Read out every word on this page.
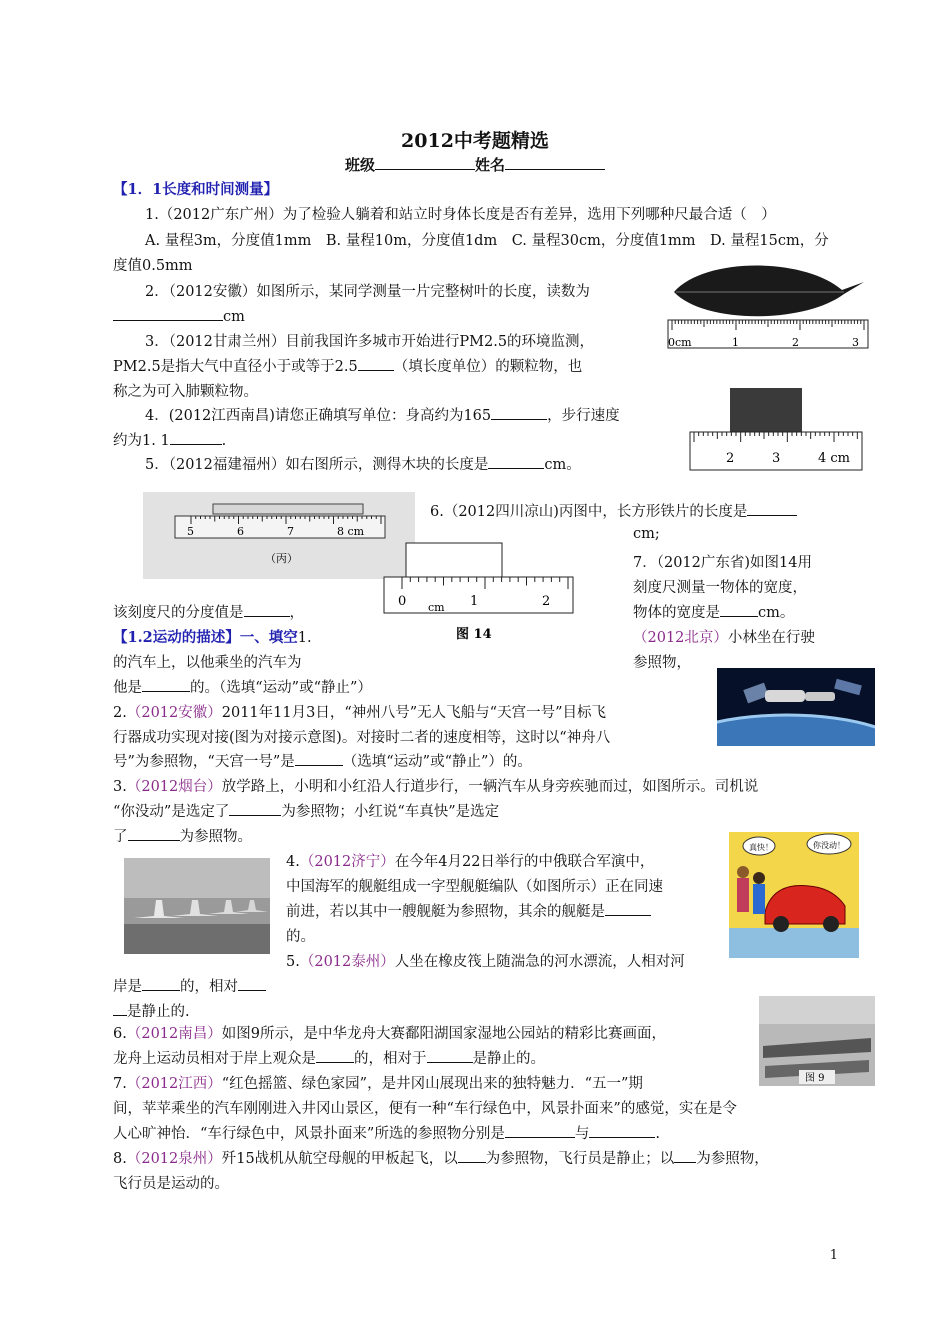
2012中考题精选
班级	姓名
【1．1长度和时间测量】
1.（2012广东广州）为了检验人躺着和站立时身体长度是否有差异，选用下列哪种尺最合适（　）
A. 量程3m，分度值1mm　B. 量程10m，分度值1dm　C. 量程30cm，分度值1mm　D. 量程15cm，分
度值0.5mm
2．（2012安徽）如图所示，某同学测量一片完整树叶的长度，读数为
cm
3．（2012甘肃兰州）目前我国许多城市开始进行PM2.5的环境监测，
PM2.5是指大气中直径小于或等于2.5 （填长度单位）的颗粒物，也
称之为可入肺颗粒物。
4．(2012江西南昌)请您正确填写单位：身高约为165	，步行速度
约为1. 1	.
5．（2012福建福州）如右图所示，测得木块的长度是	cm。
0cm	1	2	3
2	3	4 cm
5	6	7	8 cm
（丙）
6.（2012四川凉山)丙图中，长方形铁片的长度是
cm;
7．（2012广东省)如图14用
刻度尺测量一物体的宽度，
物体的宽度是	cm。
该刻度尺的分度值是	，
0 cm 1	2
图 14
【1.2运动的描述】一、填空1.	（2012北京）小林坐在行驶
的汽车上，以他乘坐的汽车为	参照物，
他是	的。（选填“运动”或“静止”）
2.（2012安徽）2011年11月3日，“神州八号”无人飞船与“天宫一号”目标飞
行器成功实现对接(图为对接示意图)。对接时二者的速度相等，这时以“神舟八
号”为参照物，“天宫一号”是	（选填“运动”或“静止”）的。
3.（2012烟台）放学路上，小明和小红沿人行道步行，一辆汽车从身旁疾驰而过，如图所示。司机说
“你没动”是选定了	为参照物；小红说“车真快”是选定
了	为参照物。
真快！	你没动！
4.（2012济宁）在今年4月22日举行的中俄联合军演中，
中国海军的舰艇组成一字型舰艇编队（如图所示）正在同速
前进，若以其中一艘舰艇为参照物，其余的舰艇是
的。
5.（2012泰州）人坐在橡皮筏上随湍急的河水漂流，人相对河
岸是	的，相对
是静止的.
图 9
6.（2012南昌）如图9所示，是中华龙舟大赛鄱阳湖国家湿地公园站的精彩比赛画面，
龙舟上运动员相对于岸上观众是	的，相对于	是静止的。
7.（2012江西）“红色摇篮、绿色家园”，是井冈山展现出来的独特魅力．“五一”期
间，苹苹乘坐的汽车刚刚进入井冈山景区，便有一种“车行绿色中，风景扑面来”的感觉，实在是令
人心旷神怡．“车行绿色中，风景扑面来”所选的参照物分别是	与	.
8.（2012泉州）歼15战机从航空母舰的甲板起飞，以 为参照物，飞行员是静止；以 为参照物，
飞行员是运动的。
1
